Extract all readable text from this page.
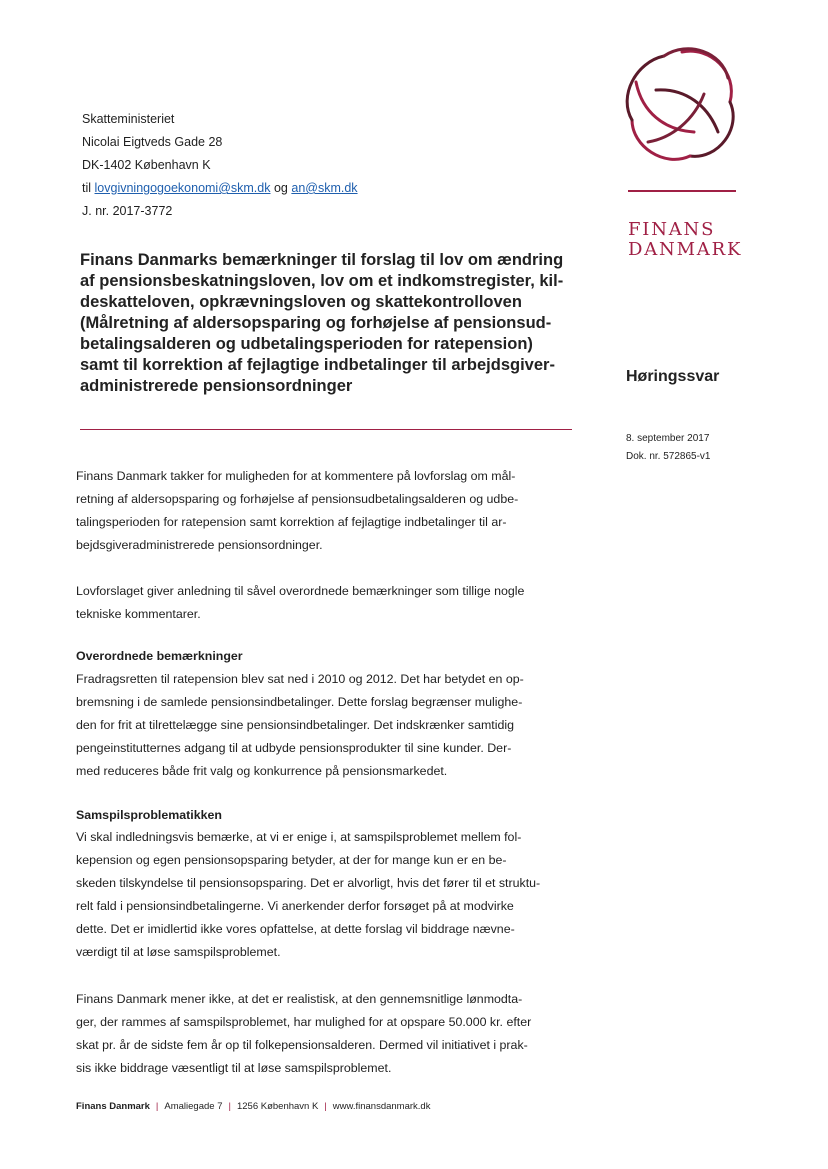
Skatteministeriet
Nicolai Eigtveds Gade 28
DK-1402 København K
til lovgivningogoekonomi@skm.dk og an@skm.dk
J. nr. 2017-3772
FINANS
DANMARK
Finans Danmarks bemærkninger til forslag til lov om ændring
af pensionsbeskatningsloven, lov om et indkomstregister, kil-
deskatteloven, opkrævningsloven og skattekontrolloven
(Målretning af aldersopsparing og forhøjelse af pensionsud-
betalingsalderen og udbetalingsperioden for ratepension)
samt til korrektion af fejlagtige indbetalinger til arbejdsgiver-
administrerede pensionsordninger
Høringssvar
8. september 2017
Dok. nr. 572865-v1
Finans Danmark takker for muligheden for at kommentere på lovforslag om mål-
retning af aldersopsparing og forhøjelse af pensionsudbetalingsalderen og udbe-
talingsperioden for ratepension samt korrektion af fejlagtige indbetalinger til ar-
bejdsgiveradministrerede pensionsordninger.
Lovforslaget giver anledning til såvel overordnede bemærkninger som tillige nogle
tekniske kommentarer.
Overordnede bemærkninger
Fradragsretten til ratepension blev sat ned i 2010 og 2012. Det har betydet en op-
bremsning i de samlede pensionsindbetalinger. Dette forslag begrænser mulighe-
den for frit at tilrettelægge sine pensionsindbetalinger. Det indskrænker samtidig
pengeinstitutternes adgang til at udbyde pensionsprodukter til sine kunder. Der-
med reduceres både frit valg og konkurrence på pensionsmarkedet.
Samspilsproblematikken
Vi skal indledningsvis bemærke, at vi er enige i, at samspilsproblemet mellem fol-
kepension og egen pensionsopsparing betyder, at der for mange kun er en be-
skeden tilskyndelse til pensionsopsparing. Det er alvorligt, hvis det fører til et struktu-
relt fald i pensionsindbetalingerne. Vi anerkender derfor forsøget på at modvirke
dette. Det er imidlertid ikke vores opfattelse, at dette forslag vil biddrage nævne-
værdigt til at løse samspilsproblemet.
Finans Danmark mener ikke, at det er realistisk, at den gennemsnitlige lønmodta-
ger, der rammes af samspilsproblemet, har mulighed for at opspare 50.000 kr. efter
skat pr. år de sidste fem år op til folkepensionsalderen. Dermed vil initiativet i prak-
sis ikke biddrage væsentligt til at løse samspilsproblemet.
Finans Danmark | Amaliegade 7 | 1256 København K | www.finansdanmark.dk
